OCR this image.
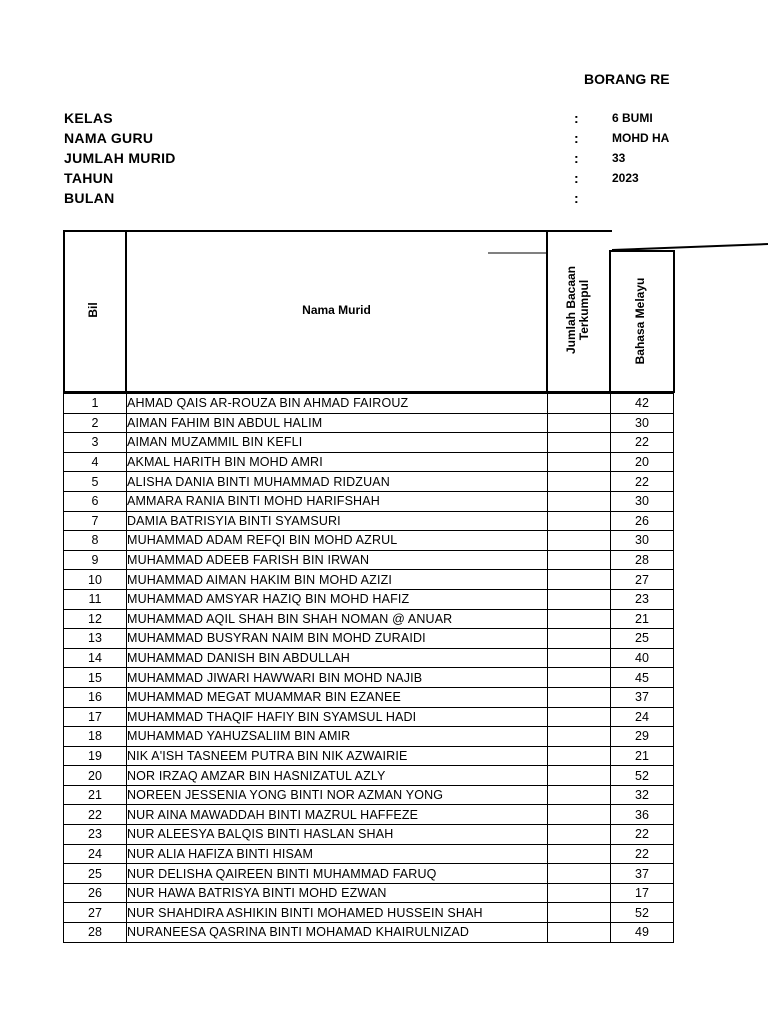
BORANG RE
KELAS	:	6 BUMI
NAMA GURU	:	MOHD HA
JUMLAH MURID	:	33
TAHUN	:	2023
BULAN	:
Bil	Nama Murid	Jumlah Bacaan Terkumpul	Bahasa Melayu
1	AHMAD QAIS AR-ROUZA BIN AHMAD FAIROUZ		42
2	AIMAN FAHIM BIN ABDUL HALIM		30
3	AIMAN MUZAMMIL BIN KEFLI		22
4	AKMAL HARITH BIN MOHD AMRI		20
5	ALISHA DANIA BINTI MUHAMMAD RIDZUAN		22
6	AMMARA RANIA BINTI MOHD HARIFSHAH		30
7	DAMIA BATRISYIA BINTI SYAMSURI		26
8	MUHAMMAD ADAM REFQI BIN MOHD AZRUL		30
9	MUHAMMAD ADEEB FARISH BIN IRWAN		28
10	MUHAMMAD AIMAN HAKIM BIN MOHD AZIZI		27
11	MUHAMMAD AMSYAR HAZIQ BIN MOHD HAFIZ		23
12	MUHAMMAD AQIL SHAH BIN SHAH NOMAN @ ANUAR		21
13	MUHAMMAD BUSYRAN NAIM BIN MOHD ZURAIDI		25
14	MUHAMMAD DANISH BIN ABDULLAH		40
15	MUHAMMAD JIWARI HAWWARI BIN MOHD NAJIB		45
16	MUHAMMAD MEGAT MUAMMAR BIN EZANEE		37
17	MUHAMMAD THAQIF HAFIY BIN SYAMSUL HADI		24
18	MUHAMMAD YAHUZSALIIM BIN AMIR		29
19	NIK A'ISH TASNEEM PUTRA BIN NIK AZWAIRIE		21
20	NOR IRZAQ AMZAR BIN HASNIZATUL AZLY		52
21	NOREEN JESSENIA YONG BINTI NOR AZMAN YONG		32
22	NUR AINA MAWADDAH BINTI MAZRUL HAFFEZE		36
23	NUR ALEESYA BALQIS BINTI HASLAN SHAH		22
24	NUR ALIA HAFIZA BINTI HISAM		22
25	NUR DELISHA QAIREEN BINTI MUHAMMAD FARUQ		37
26	NUR HAWA BATRISYA BINTI MOHD EZWAN		17
27	NUR SHAHDIRA ASHIKIN BINTI MOHAMED HUSSEIN SHAH		52
28	NURANEESA QASRINA BINTI MOHAMAD KHAIRULNIZAD		49
